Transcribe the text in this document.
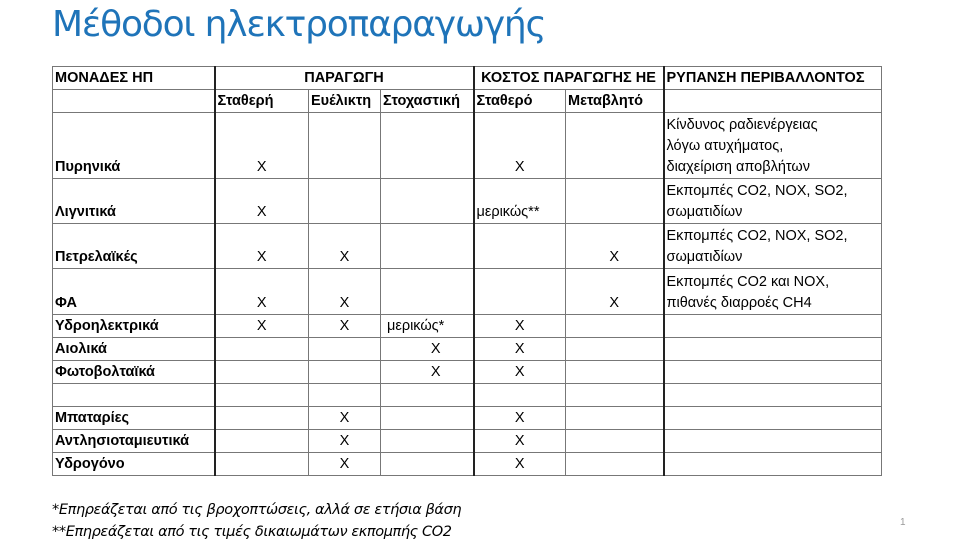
Μέθοδοι ηλεκτροπαραγωγής
ΜΟΝΑΔΕΣ ΗΠ	ΠΑΡΑΓΩΓΗ			ΚΟΣΤΟΣ ΠΑΡΑΓΩΓΗΣ ΗΕ		ΡΥΠΑΝΣΗ ΠΕΡΙΒΑΛΛΟΝΤΟΣ
	Σταθερή	Ευέλικτη	Στοχαστική	Σταθερό	Μεταβλητό	
Πυρηνικά	Χ			Χ		Κίνδυνος ραδιενέργειας
λόγω ατυχήματος,
διαχείριση αποβλήτων

Λιγνιτικά	Χ			μερικώς**		Εκπομπές CO2, NOX, SO2,
σωματιδίων

Πετρελαϊκές	Χ	Χ			Χ	Εκπομπές CO2, NOX, SO2,
σωματιδίων

ΦΑ	Χ	Χ			Χ	Εκπομπές CO2 και NOX,
πιθανές διαρροές CH4

Υδροηλεκτρικά	Χ	Χ	μερικώς*	Χ		
Αιολικά			Χ	Χ		
Φωτοβολταϊκά			Χ	Χ		

Μπαταρίες		Χ		Χ		
Αντλησιοταμιευτικά		Χ		Χ		
Υδρογόνο		Χ		Χ		
*Επηρεάζεται από τις βροχοπτώσεις, αλλά σε ετήσια βάση
**Επηρεάζεται από τις τιμές δικαιωμάτων εκπομπής CO2
1
